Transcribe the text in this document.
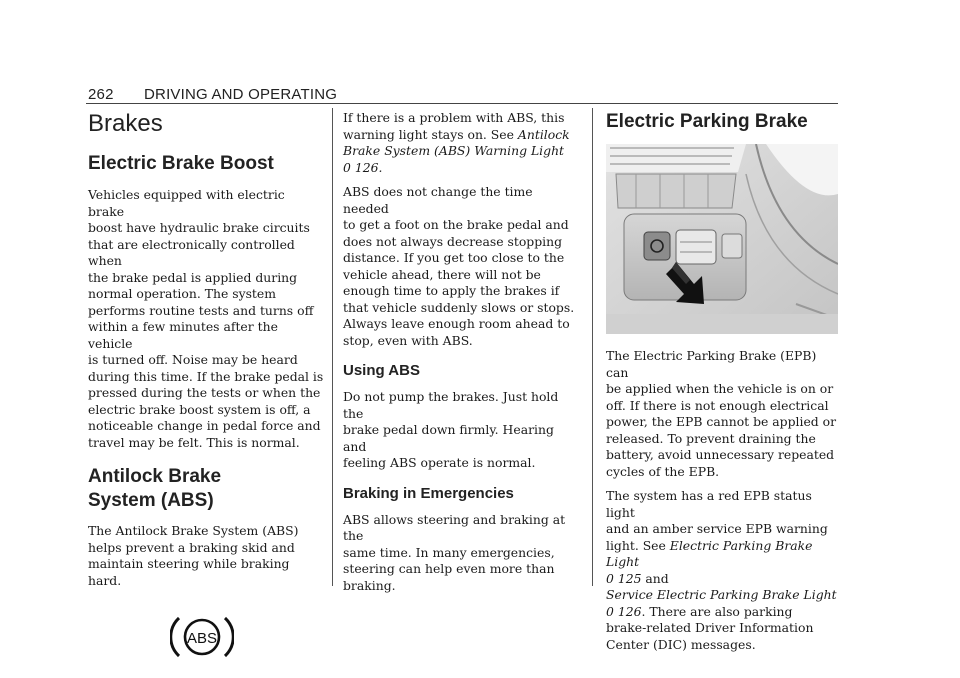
262 DRIVING AND OPERATING
Brakes
Electric Brake Boost

Vehicles equipped with electric brake

boost have hydraulic brake circuits

that are electronically controlled when

the brake pedal is applied during

normal operation. The system

performs routine tests and turns off

within a few minutes after the vehicle

is turned off. Noise may be heard

during this time. If the brake pedal is

pressed during the tests or when the

electric brake boost system is off, a

noticeable change in pedal force and

travel may be felt. This is normal.

Antilock Brake
System (ABS)

The Antilock Brake System (ABS)

helps prevent a braking skid and

maintain steering while braking hard.

ABS

If there is a problem with ABS, this

warning light stays on. See Antilock

Brake System (ABS) Warning Light

0 126.

ABS does not change the time needed

to get a foot on the brake pedal and

does not always decrease stopping

distance. If you get too close to the

vehicle ahead, there will not be

enough time to apply the brakes if

that vehicle suddenly slows or stops.

Always leave enough room ahead to

stop, even with ABS.

Using ABS

Do not pump the brakes. Just hold the

brake pedal down firmly. Hearing and

feeling ABS operate is normal.

Braking in Emergencies

ABS allows steering and braking at the

same time. In many emergencies,

steering can help even more than

braking.

Electric Parking Brake

The Electric Parking Brake (EPB) can

be applied when the vehicle is on or

off. If there is not enough electrical

power, the EPB cannot be applied or

released. To prevent draining the

battery, avoid unnecessary repeated

cycles of the EPB.

The system has a red EPB status light

and an amber service EPB warning

light. See Electric Parking Brake Light

0 125 and

Service Electric Parking Brake Light

0 126. There are also parking

brake-related Driver Information

Center (DIC) messages.
